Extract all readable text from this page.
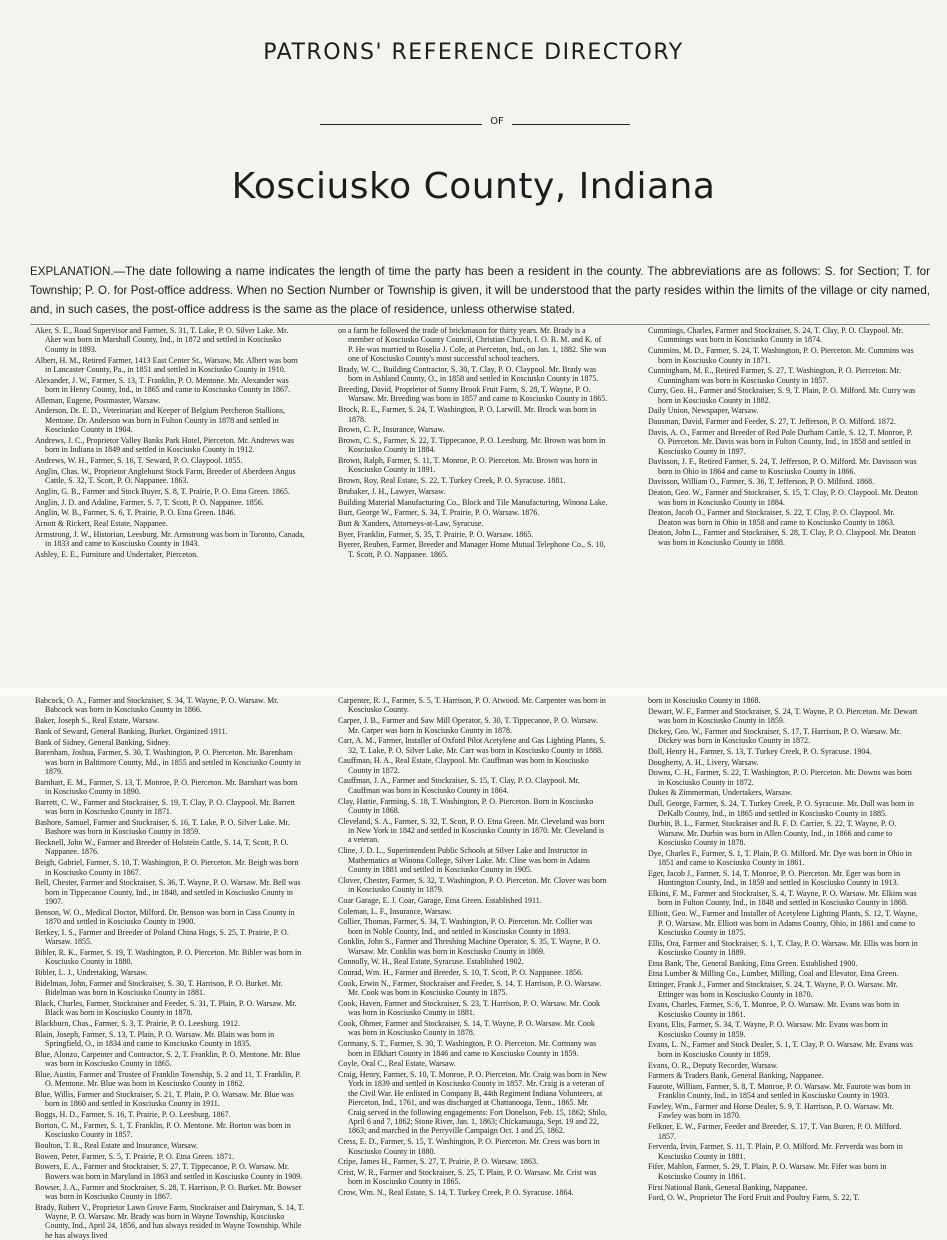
PATRONS' REFERENCE DIRECTORY
OF
Kosciusko County, Indiana
EXPLANATION.—The date following a name indicates the length of time the party has been a resident in the county. The abbreviations are as follows: S. for Section; T. for Township; P. O. for Post-office address. When no Section Number or Township is given, it will be understood that the party resides within the limits of the village or city named, and, in such cases, the post-office address is the same as the place of residence, unless otherwise stated.

Aker, S. E., Road Supervisor and Farmer, S. 31, T. Lake, P. O. Silver Lake. Mr. Aker was born in Marshall County, Ind., in 1872 and settled in Kosciusko County in 1893.

Albert, H. M., Retired Farmer, 1413 East Center St., Warsaw. Mr. Albert was born in Lancaster County, Pa., in 1851 and settled in Kosciusko County in 1910.

Alexander, J. W., Farmer, S. 13, T. Franklin, P. O. Mentone. Mr. Alexander was born in Henry County, Ind., in 1865 and came to Kosciusko County in 1867.

Alleman, Eugene, Postmaster, Warsaw.

Anderson, Dr. E. D., Veterinarian and Keeper of Belgium Percheron Stallions, Mentone. Dr. Anderson was born in Fulton County in 1878 and settled in Kosciusko County in 1904.

Andrews, J. C., Proprietor Valley Banks Park Hotel, Pierceton. Mr. Andrews was born in Indiana in 1849 and settled in Kosciusko County in 1912.

Andrews, W. H., Farmer, S. 16, T. Seward, P. O. Claypool. 1855.

Anglin, Chas. W., Proprietor Anglehurst Stock Farm, Breeder of Aberdeen Angus Cattle, S. 32, T. Scott, P. O. Nappanee. 1863.

Anglin, G. B., Farmer and Stock Buyer, S. 8, T. Prairie, P. O. Etna Green. 1865.

Anglin, J. D. and Adaline, Farmer, S. 7, T. Scott, P. O. Nappanee. 1856.

Anglin, W. B., Farmer, S. 6, T. Prairie, P. O. Etna Green. 1846.

Arnott & Rickert, Real Estate, Nappanee.

Armstrong, J. W., Historian, Leesburg. Mr. Armstrong was born in Toronto, Canada, in 1833 and came to Kosciusko County in 1843.

Ashley, E. E., Furniture and Undertaker, Pierceton.

on a farm he followed the trade of brickmason for thirty years. Mr. Brady is a member of Kosciusko County Council, Christian Church, I. O. R. M. and K. of P. He was married to Roselia J. Cole, at Pierceton, Ind., on Jan. 1, 1882. She was one of Kosciusko County's most successful school teachers.

Brady, W. C., Building Contractor, S. 30, T. Clay, P. O. Claypool. Mr. Brady was born in Ashland County, O., in 1858 and settled in Kosciusko County in 1875.

Breeding, David, Proprietor of Sunny Brook Fruit Farm, S. 28, T. Wayne, P. O. Warsaw. Mr. Breeding was born in 1857 and came to Kosciusko County in 1865.

Brock, R. E., Farmer, S. 24, T. Washington, P. O. Larwill. Mr. Brock was born in 1878.

Brown, C. P., Insurance, Warsaw.

Brown, C. S., Farmer, S. 22, T. Tippecanoe, P. O. Leesburg. Mr. Brown was born in Kosciusko County in 1884.

Brown, Ralph, Farmer, S. 11, T. Monroe, P. O. Pierceton. Mr. Brown was born in Kosciusko County in 1891.

Brown, Roy, Real Estate, S. 22, T. Turkey Creek, P. O. Syracuse. 1881.

Brubaker, J. H., Lawyer, Warsaw.

Building Material Manufacturing Co., Block and Tile Manufacturing, Winona Lake.

Burt, George W., Farmer, S. 34, T. Prairie, P. O. Warsaw. 1876.

Butt & Xanders, Attorneys-at-Law, Syracuse.

Byer, Franklin, Farmer, S. 35, T. Prairie, P. O. Warsaw. 1865.

Byerer, Reuben, Farmer, Breeder and Manager Home Mutual Telephone Co., S. 10, T. Scott, P. O. Nappanee. 1865.

Cummings, Charles, Farmer and Stockraiser, S. 24, T. Clay, P. O. Claypool. Mr. Cummings was born in Kosciusko County in 1874.

Cummins, M. D., Farmer, S. 24, T. Washington, P. O. Pierceton. Mr. Cummins was born in Kosciusko County in 1871.

Cunningham, M. E., Retired Farmer, S. 27, T. Washington, P. O. Pierceton. Mr. Cunningham was born in Kosciusko County in 1857.

Curry, Geo. H., Farmer and Stockraiser, S. 9, T. Plain, P. O. Milford. Mr. Curry was born in Kosciusko County in 1882.

Daily Union, Newspaper, Warsaw.

Dausman, David, Farmer and Feeder, S. 27, T. Jefferson, P. O. Milford. 1872.

Davis, A. O., Farmer and Breeder of Red Pole Durham Cattle, S. 12, T. Monroe, P. O. Pierceton. Mr. Davis was born in Fulton County, Ind., in 1858 and settled in Kosciusko County in 1897.

Davisson, J. F., Retired Farmer, S. 24, T. Jefferson, P. O. Milford. Mr. Davisson was born in Ohio in 1864 and came to Kosciusko County in 1866.

Davisson, William O., Farmer, S. 36, T. Jefferson, P. O. Milford. 1868.

Deaton, Geo. W., Farmer and Stockraiser, S. 15, T. Clay, P. O. Claypool. Mr. Deaton was born in Kosciusko County in 1884.

Deaton, Jacob O., Farmer and Stockraiser, S. 22, T. Clay, P. O. Claypool. Mr. Deaton was born in Ohio in 1858 and came to Kosciusko County in 1863.

Deaton, John L., Farmer and Stockraiser, S. 28, T. Clay, P. O. Claypool. Mr. Deaton was born in Kosciusko County in 1888.

Babcock, O. A., Farmer and Stockraiser, S. 34, T. Wayne, P. O. Warsaw. Mr. Babcock was born in Kosciusko County in 1866.

Baker, Joseph S., Real Estate, Warsaw.

Bank of Seward, General Banking, Burket. Organized 1911.

Bank of Sidney, General Banking, Sidney.

Barenham, Joshua, Farmer, S. 30, T. Washington, P. O. Pierceton. Mr. Barenham was born in Baltimore County, Md., in 1855 and settled in Kosciusko County in 1879.

Barnhart, E. M., Farmer, S. 13, T. Monroe, P. O. Pierceton. Mr. Barnhart was born in Kosciusko County in 1890.

Barrett, C. W., Farmer and Stockraiser, S. 19, T. Clay, P. O. Claypool. Mr. Barrett was born in Kosciusko County in 1871.

Bashore, Samuel, Farmer and Stockraiser, S. 16, T. Lake, P. O. Silver Lake. Mr. Bashore was born in Kosciusko County in 1859.

Becknell, John W., Farmer and Breeder of Holstein Cattle, S. 14, T. Scott, P. O. Nappanee. 1876.

Beigh, Gabriel, Farmer, S. 10, T. Washington, P. O. Pierceton. Mr. Beigh was born in Kosciusko County in 1867.

Bell, Chester, Farmer and Stockraiser, S. 36, T. Wayne, P. O. Warsaw. Mr. Bell was born in Tippecanoe County, Ind., in 1848, and settled in Kosciusko County in 1907.

Benson, W. O., Medical Doctor, Milford. Dr. Benson was born in Cass County in 1870 and settled in Kosciusko County in 1900.

Berkey, I. S., Farmer and Breeder of Poland China Hogs, S. 25, T. Prairie, P. O. Warsaw. 1855.

Bibler, R. K., Farmer, S. 19, T. Washington, P. O. Pierceton. Mr. Bibler was born in Kosciusko County in 1880.

Bibler, L. J., Undertaking, Warsaw.

Bidelman, John, Farmer and Stockraiser, S. 30, T. Harrison, P. O. Burket. Mr. Bidelman was born in Kosciusko County in 1881.

Black, Charles, Farmer, Stockraiser and Feeder, S. 31, T. Plain, P. O. Warsaw. Mr. Black was born in Kosciusko County in 1878.

Blackburn, Chas., Farmer, S. 3, T. Prairie, P. O. Leesburg. 1912.

Blain, Joseph, Farmer, S. 13, T. Plain, P. O. Warsaw. Mr. Blain was born in Springfield, O., in 1834 and came to Kosciusko County in 1835.

Blue, Alonzo, Carpenter and Contractor, S. 2, T. Franklin, P. O. Mentone. Mr. Blue was born in Kosciusko County in 1865.

Blue, Austin, Farmer and Trustee of Franklin Township, S. 2 and 11, T. Franklin, P. O. Mentone. Mr. Blue was born in Kosciusko County in 1862.

Blue, Willis, Farmer and Stockraiser, S. 21, T. Plain, P. O. Warsaw. Mr. Blue was born in 1860 and settled in Kosciusko County in 1911.

Boggs, H. D., Farmer, S. 16, T. Prairie, P. O. Leesburg. 1867.

Borton, C. M., Farmer, S. 1, T. Franklin, P. O. Mentone. Mr. Borton was born in Kosciusko County in 1857.

Boulton, T. R., Real Estate and Insurance, Warsaw.

Bowen, Peter, Farmer, S. 5, T. Prairie, P. O. Etna Green. 1871.

Bowers, E. A., Farmer and Stockraiser, S. 27, T. Tippecanoe, P. O. Warsaw. Mr. Bowers was born in Maryland in 1863 and settled in Kosciusko County in 1909.

Bowser, J. A., Farmer and Stockraiser, S. 28, T. Harrison, P. O. Burket. Mr. Bowser was born in Kosciusko County in 1867.

Brady, Robert V., Proprietor Lawn Grove Farm, Stockraiser and Dairyman, S. 14, T. Wayne, P. O. Warsaw. Mr. Brady was born in Wayne Township, Kosciusko County, Ind., April 24, 1856, and has always resided in Wayne Township. While he has always lived

Carpenter, R. J., Farmer, S. 5, T. Harrison, P. O. Atwood. Mr. Carpenter was born in Kosciusko County.

Carper, J. B., Farmer and Saw Mill Operator, S. 30, T. Tippecanoe, P. O. Warsaw. Mr. Carper was born in Kosciusko County in 1878.

Carr, A. M., Farmer, Installer of Oxford Pilot Acetylene and Gas Lighting Plants, S. 32, T. Lake, P. O. Silver Lake. Mr. Carr was born in Kosciusko County in 1888.

Cauffman, H. A., Real Estate, Claypool. Mr. Cauffman was born in Kosciusko County in 1872.

Cauffman, J. A., Farmer and Stockraiser, S. 15, T. Clay, P. O. Claypool. Mr. Cauffman was born in Kosciusko County in 1864.

Clay, Hattie, Farming, S. 18, T. Washington, P. O. Pierceton. Born in Kosciusko County in 1868.

Cleveland, S. A., Farmer, S. 32, T. Scott, P. O. Etna Green. Mr. Cleveland was born in New York in 1842 and settled in Kosciusko County in 1870. Mr. Cleveland is a veteran.

Cline, J. D. L., Superintendent Public Schools at Silver Lake and Instructor in Mathematics at Winona College, Silver Lake. Mr. Cline was born in Adams County in 1881 and settled in Kosciusko County in 1905.

Clover, Chester, Farmer, S. 32, T. Washington, P. O. Pierceton. Mr. Clover was born in Kosciusko County in 1879.

Coar Garage, E. J. Coar, Garage, Etna Green. Established 1911.

Coleman, L. F., Insurance, Warsaw.

Collier, Thomas, Farmer, S. 34, T. Washington, P. O. Pierceton. Mr. Collier was born in Noble County, Ind., and settled in Kosciusko County in 1893.

Conklin, John S., Farmer and Threshing Machine Operator, S. 35, T. Wayne, P. O. Warsaw. Mr. Conklin was born in Kosciusko County in 1869.

Connolly, W. H., Real Estate, Syracuse. Established 1902.

Conrad, Wm. H., Farmer and Breeder, S. 10, T. Scott, P. O. Nappanee. 1856.

Cook, Erwin N., Farmer, Stockraiser and Feeder, S. 14, T. Harrison, P. O. Warsaw. Mr. Cook was born in Kosciusko County in 1875.

Cook, Haven, Farmer and Stockraiser, S. 23, T. Harrison, P. O. Warsaw. Mr. Cook was born in Kosciusko County in 1881.

Cook, Ohmer, Farmer and Stockraiser, S. 14, T. Wayne, P. O. Warsaw. Mr. Cook was born in Kosciusko County in 1878.

Cormany, S. T., Farmer, S. 30, T. Washington, P. O. Pierceton. Mr. Cormany was born in Elkhart County in 1846 and came to Kosciusko County in 1859.

Coyle, Oral C., Real Estate, Warsaw.

Craig, Henry, Farmer, S. 10, T. Monroe, P. O. Pierceton. Mr. Craig was born in New York in 1839 and settled in Kosciusko County in 1857. Mr. Craig is a veteran of the Civil War. He enlisted in Company B, 44th Regiment Indiana Volunteers, at Pierceton, Ind., 1761, and was discharged at Chattanooga, Tenn., 1865. Mr. Craig served in the following engagements: Fort Donelson, Feb. 15, 1862; Shilo, April 6 and 7, 1862; Stone River, Jan. 1, 1863; Chickamauga, Sept. 19 and 22, 1863; and marched in the Perryville Campaign Oct. 1 and 25, 1862.

Cress, E. D., Farmer, S. 15, T. Washington, P. O. Pierceton. Mr. Cress was born in Kosciusko County in 1880.

Cripe, James H., Farmer, S. 27, T. Prairie, P. O. Warsaw. 1863.

Crist, W. R., Farmer and Stockraiser, S. 25, T. Plain, P. O. Warsaw. Mr. Crist was born in Kosciusko County in 1865.

Crow, Wm. N., Real Estate, S. 14, T. Turkey Creek, P. O. Syracuse. 1864.

born in Kosciusko County in 1868.

Dewart, W. F., Farmer and Stockraiser, S. 24, T. Wayne, P. O. Pierceton. Mr. Dewart was born in Kosciusko County in 1859.

Dickey, Geo. W., Farmer and Stockraiser, S. 17, T. Harrison, P. O. Warsaw. Mr. Dickey was born in Kosciusko County in 1872.

Doll, Henry H., Farmer, S. 13, T. Turkey Creek, P. O. Syracuse. 1904.

Dougherty, A. H., Livery, Warsaw.

Downs, C. H., Farmer, S. 22, T. Washington, P. O. Pierceton. Mr. Downs was born in Kosciusko County in 1872.

Dukes & Zimmerman, Undertakers, Warsaw.

Dull, George, Farmer, S. 24, T. Turkey Creek, P. O. Syracuse. Mr. Dull was born in DeKalb County, Ind., in 1865 and settled in Kosciusko County in 1885.

Durbin, B. L., Farmer, Stockraiser and R. F. D. Carrier, S. 22, T. Wayne, P. O. Warsaw. Mr. Durbin was born in Allen County, Ind., in 1866 and came to Kosciusko County in 1878.

Dye, Charles F., Farmer, S. 1, T. Plain, P. O. Milford. Mr. Dye was born in Ohio in 1851 and came to Kosciusko County in 1861.

Eger, Jacob J., Farmer, S. 14, T. Monroe, P. O. Pierceton. Mr. Eger was born in Huntington County, Ind., in 1859 and settled in Kosciusko County in 1913.

Elkins, F. M., Farmer and Stockraiser, S. 4, T. Wayne, P. O. Warsaw. Mr. Elkins was born in Fulton County, Ind., in 1848 and settled in Kosciusko County in 1868.

Elliott, Geo. W., Farmer and Installer of Acetylene Lighting Plants, S. 12, T. Wayne, P. O. Warsaw. Mr. Elliott was born in Adams County, Ohio, in 1861 and came to Kosciusko County in 1875.

Ellis, Ora, Farmer and Stockraiser, S. 1, T. Clay, P. O. Warsaw. Mr. Ellis was born in Kosciusko County in 1889.

Etna Bank, The, General Banking, Etna Green. Established 1900.

Etna Lumber & Milling Co., Lumber, Milling, Coal and Elevator, Etna Green.

Ettinger, Frank J., Farmer and Stockraiser, S. 24, T. Wayne, P. O. Warsaw. Mr. Ettinger was born in Kosciusko County in 1870.

Evans, Charles, Farmer, S. 6, T. Monroe, P. O. Warsaw. Mr. Evans was born in Kosciusko County in 1861.

Evans, Elis, Farmer, S. 34, T. Wayne, P. O. Warsaw. Mr. Evans was born in Kosciusko County in 1859.

Evans, L. N., Farmer and Stock Dealer, S. 1, T. Clay, P. O. Warsaw. Mr. Evans was born in Kosciusko County in 1859.

Evans, O. R., Deputy Recorder, Warsaw.

Farmers & Traders Bank, General Banking, Nappanee.

Faurote, William, Farmer, S. 8, T. Monroe, P. O. Warsaw. Mr. Faurote was born in Franklin County, Ind., in 1854 and settled in Kosciusko County in 1903.

Fawley, Wm., Farmer and Horse Dealer, S. 9, T. Harrison, P. O. Warsaw. Mr. Fawley was born in 1870.

Felkner, E. W., Farmer, Feeder and Breeder, S. 17, T. Van Buren, P. O. Milford. 1857.

Ferverda, Irvin, Farmer, S. 11, T. Plain, P. O. Milford. Mr. Ferverda was born in Kosciusko County in 1881.

Fifer, Mahlon, Farmer, S. 29, T. Plain, P. O. Warsaw. Mr. Fifer was born in Kosciusko County in 1861.

First National Bank, General Banking, Nappanee.

Ford, O. W., Proprietor The Ford Fruit and Poultry Farm, S. 22, T.
